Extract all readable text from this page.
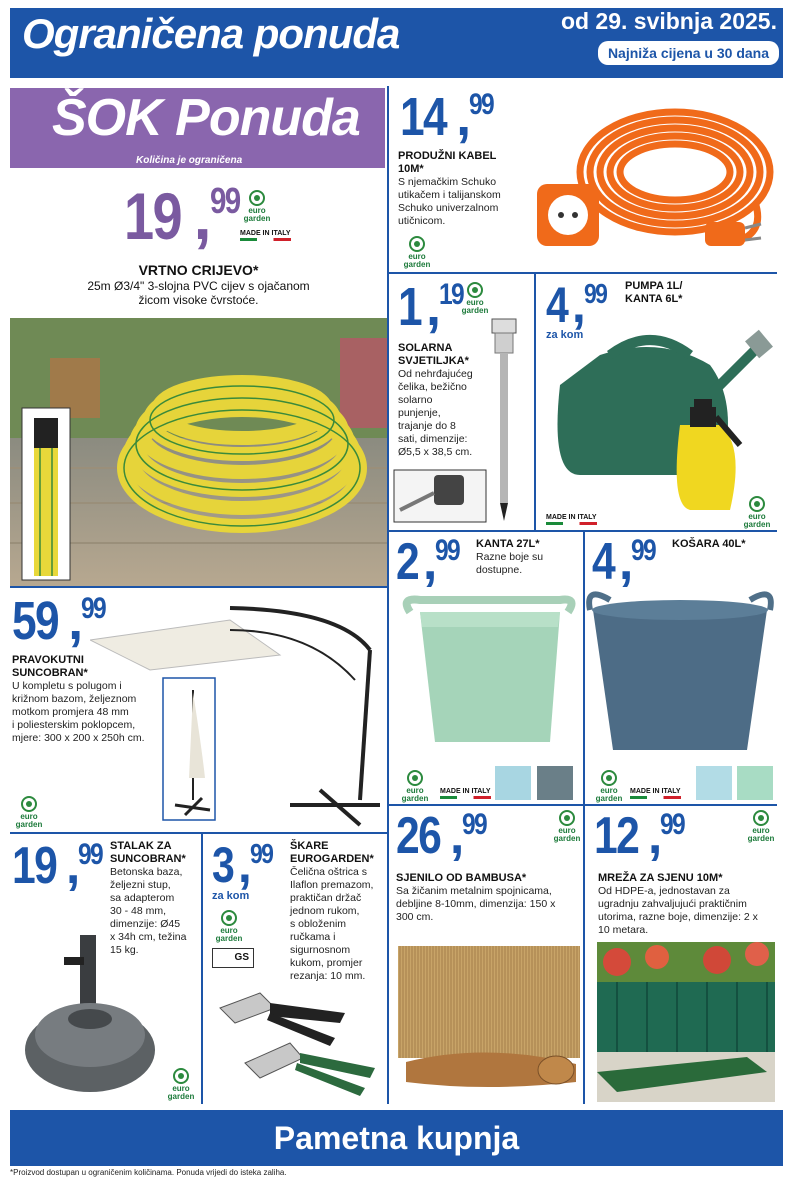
Ograničena ponuda	od 29. svibnja 2025.
Najniža cijena u 30 dana
ŠOK Ponuda
Količina je ograničena
19 ,99	euro
garden
MADE IN ITALY
VRTNO CRIJEVO*
25m Ø3/4" 3-slojna PVC cijev s ojačanom
žicom visoke čvrstoće.
14 ,99
PRODUŽNI KABEL
10M*
S njemačkim Schuko
utikačem i talijanskom
Schuko univerzalnom
utičnicom.
euro
garden
1,19 euro
garden
SOLARNA
SVJETILJKA*
Od nehrđajućeg
čelika, bežično
solarno
punjenje,
trajanje do 8
sati, dimenzije:
Ø5,5 x 38,5 cm.
4,99
za kom
PUMPA 1L/
KANTA 6L*
MADE IN ITALY	euro
garden
59 ,99
PRAVOKUTNI
SUNCOBRAN*
U kompletu s polugom i
križnom bazom, željeznom
motkom promjera 48 mm
i poliesterskim poklopcem,
mjere: 300 x 200 x 250h cm.
euro
garden
2,99	KANTA 27L*
Razne boje su
dostupne.
euro
garden
MADE IN ITALY
4,99	KOŠARA 40L*
euro
garden
MADE IN ITALY
19 ,99 STALAK ZA
SUNCOBRAN*
Betonska baza,
željezni stup,
sa adapterom
30 - 48 mm,
dimenzije: Ø45
x 34h cm, težina
15 kg.
euro
garden
3,99
za kom
euro
garden
GS
ŠKARE
EUROGARDEN*
Čelična oštrica s
Ilaflon premazom,
praktičan držač
jednom rukom,
s obloženim
ručkama i
sigurnosnom
kukom, promjer
rezanja: 10 mm.
26 ,99	euro
garden
SJENILO OD BAMBUSA*
Sa žičanim metalnim spojnicama,
debljine 8-10mm, dimenzija: 150 x
300 cm.
12 ,99	euro
garden
MREŽA ZA SJENU 10M*
Od HDPE-a, jednostavan za
ugradnju zahvaljujući praktičnim
utorima, razne boje, dimenzije: 2 x
10 metara.
Pametna kupnja
*Proizvod dostupan u ograničenim količinama. Ponuda vrijedi do isteka zaliha.
